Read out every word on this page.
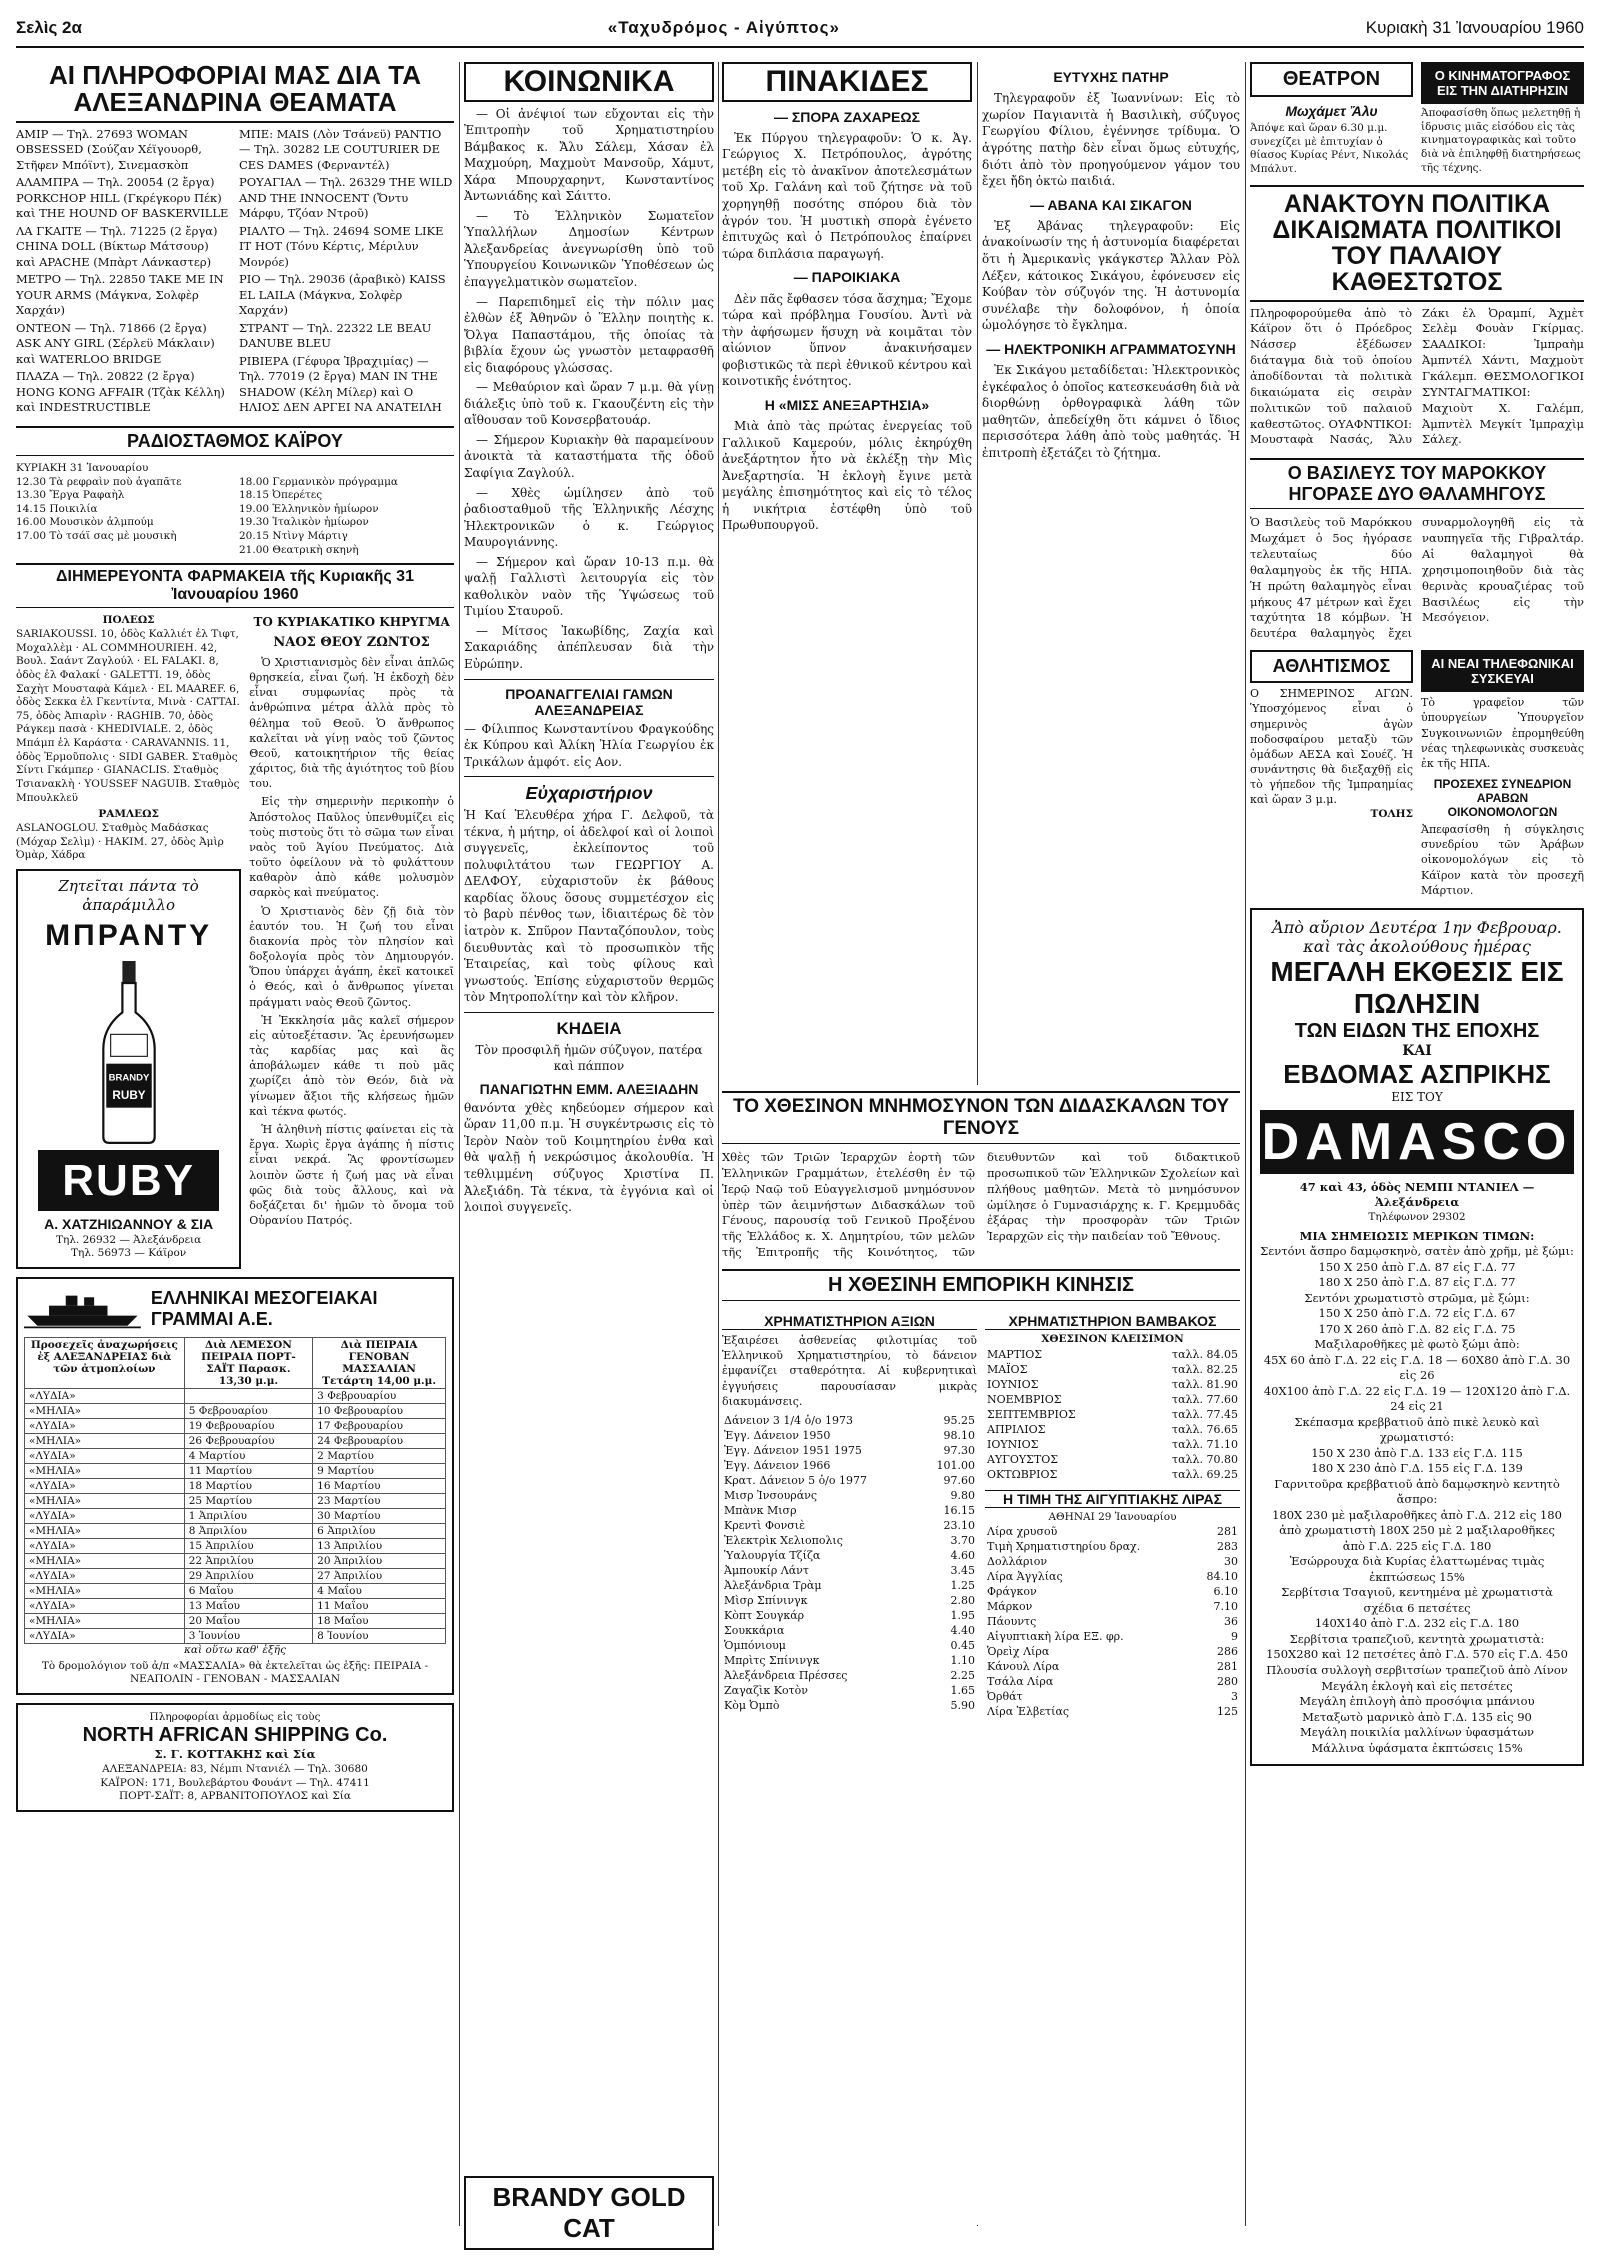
Σελὶς 2α	«Ταχυδρόμος - Αἰγύπτος»	Κυριακὴ 31 Ἰανουαρίου 1960
ΑΙ ΠΛΗΡΟΦΟΡΙΑΙ ΜΑΣ ΔΙΑ ΤΑ ΑΛΕΞΑΝΔΡΙΝΑ ΘΕΑΜΑΤΑ
ΑΜΙΡ — Τηλ. 27693 WOMAN OBSESSED (Σούζαν Χέϊγουορθ, Στῆφεν Μπόϊντ), Σινεμασκὸπ
ΑΛΑΜΠΡΑ — Τηλ. 20054 (2 ἔργα) PORKCHOP HILL (Γκρέγκορυ Πέκ) καὶ THE HOUND OF BASKERVILLE
ΛΑ ΓΚΑΙΤΕ — Τηλ. 71225 (2 ἔργα) CHINA DOLL (Βίκτωρ Μάτσουρ) καὶ APACHE (Μπὰρτ Λάνκαστερ)
ΜΕΤΡΟ — Τηλ. 22850 TAKE ME IN YOUR ARMS (Μάγκνα, Σολφὲρ Χαρχάν)
ΟΝΤΕΟΝ — Τηλ. 71866 (2 ἔργα) ASK ANY GIRL (Σέρλεϋ Μάκλαιν) καὶ WATERLOO BRIDGE
ΠΛΑΖΑ — Τηλ. 20822 (2 ἔργα) HONG KONG AFFAIR (Τζὰκ Κέλλη) καὶ INDESTRUCTIBLE
ΜΠΕ: MAIS (Λὸν Τσάνεϋ) PANTIO — Τηλ. 30282 LE COUTURIER DE CES DAMES (Φερναντέλ)
ΡΟΥΑΓΙΑΛ — Τηλ. 26329 THE WILD AND THE INNOCENT (Ὄντυ Μάρφυ, Τζόαν Ντροῦ)
ΡΙΑΛΤΟ — Τηλ. 24694 SOME LIKE IT HOT (Τόνυ Κέρτις, Μέριλυν Μονρόε)
ΡΙΟ — Τηλ. 29036 (ἀραβικὸ) KAISS EL LAILA (Μάγκνα, Σολφὲρ Χαρχάν)
ΣΤΡΑΝΤ — Τηλ. 22322 LE BEAU DANUBE BLEU
ΡΙΒΙΕΡΑ (Γέφυρα Ἰβραχιμίας) — Τηλ. 77019 (2 ἔργα) MAN IN THE SHADOW (Κέλη Μίλερ) καὶ Ο ΗΛΙΟΣ ΔΕΝ ΑΡΓΕΙ ΝΑ ΑΝΑΤΕΙΛΗ
ΡΑΔΙΟΣΤΑΘΜΟΣ ΚΑΪΡΟΥ
ΚΥΡΙΑΚΗ 31 Ἰανουαρίου
12.30 Τὰ ρεφραὶν ποὺ ἀγαπᾶτε
13.30 Ἔργα Ραφαὴλ
14.15 Ποικιλία
16.00 Μουσικὸν ἀλμπούμ
17.00 Τὸ τσάϊ σας μὲ μουσικὴ
18.00 Γερμανικὸν πρόγραμμα
18.15 Ὀπερέτες
19.00 Ἑλληνικὸν ἡμίωρον
19.30 Ἰταλικὸν ἡμίωρον
20.15 Ντὶνγ Μάρτιγ
21.00 Θεατρικὴ σκηνὴ
ΔΙΗΜΕΡΕΥΟΝΤΑ ΦΑΡΜΑΚΕΙΑ τῆς Κυριακῆς 31 Ἰανουαρίου 1960
ΠΟΛΕΩΣ
SARIAKOUSSI. 10, ὁδὸς Καλλιέτ ἐλ Τιφτ, Μοχαλλὲμ · AL COMMHOURIEH. 42, Βουλ. Σαάντ Ζαγλούλ · EL FALAKI. 8, ὁδὸς ἐλ Φαλακί · GALETTI. 19, ὁδὸς Σαχὴτ Μουσταφὰ Κάμελ · EL MAAREF. 6, ὁδὸς Σεκκα ἐλ Γκεντίντα, Μινὰ · CATTAI. 75, ὁδὸς Ἀπιαρὶν · RAGHIB. 70, ὁδὸς Ράγκεμ πασὰ · KHEDIVIALE. 2, ὁδὸς Μπάμπ ἐλ Καράστα · CARAVANNIS. 11, ὁδὸς Ἐρμοῦπολις · SIDI GABER. Σταθμὸς Σίντι Γκάμπερ · GIANACLIS. Σταθμὸς Τσιανακλὴ · YOUSSEF NAGUIB. Σταθμὸς Μπουλκλεϋ
ΡΑΜΛΕΩΣ
ASLANOGLOU. Σταθμὸς Μαδάσκας (Μόχαρ Σελὶμ) · HAKIM. 27, ὁδὸς Ἀμὶρ Ὀμὰρ, Χάδρα
Ζητεῖται πάντα τὸ ἀπαράμιλλο
ΜΠΡΑΝΤΥ
BRANDY
RUBY
RUBY
Α. ΧΑΤΖΗΙΩΑΝΝΟΥ & ΣΙΑ
Τηλ. 26932 — Ἀλεξάνδρεια
Τηλ. 56973 — Κάϊρον
ΤΟ ΚΥΡΙΑΚΑΤΙΚΟ ΚΗΡΥΓΜΑ
ΝΑΟΣ ΘΕΟΥ ΖΩΝΤΟΣ

Ὁ Χριστιανισμὸς δὲν εἶναι ἀπλῶς θρησκεία, εἶναι ζωή. Ἡ ἐκδοχὴ δὲν εἶναι συμφωνίας πρὸς τὰ ἀνθρώπινα μέτρα ἀλλὰ πρὸς τὸ θέλημα τοῦ Θεοῦ. Ὁ ἄνθρωπος καλεῖται νὰ γίνῃ ναὸς τοῦ ζῶντος Θεοῦ, κατοικητήριον τῆς θείας χάριτος, διὰ τῆς ἁγιότητος τοῦ βίου του.

Εἰς τὴν σημερινὴν περικοπὴν ὁ Ἀπόστολος Παῦλος ὑπενθυμίζει εἰς τοὺς πιστοὺς ὅτι τὸ σῶμα των εἶναι ναὸς τοῦ Ἁγίου Πνεύματος. Διὰ τοῦτο ὀφείλουν νὰ τὸ φυλάττουν καθαρὸν ἀπὸ κάθε μολυσμὸν σαρκὸς καὶ πνεύματος.

Ὁ Χριστιανὸς δὲν ζῇ διὰ τὸν ἑαυτόν του. Ἡ ζωή του εἶναι διακονία πρὸς τὸν πλησίον καὶ δοξολογία πρὸς τὸν Δημιουργόν. Ὅπου ὑπάρχει ἀγάπη, ἐκεῖ κατοικεῖ ὁ Θεός, καὶ ὁ ἄνθρωπος γίνεται πράγματι ναὸς Θεοῦ ζῶντος.

Ἡ Ἐκκλησία μᾶς καλεῖ σήμερον εἰς αὐτοεξέτασιν. Ἂς ἐρευνήσωμεν τὰς καρδίας μας καὶ ἂς ἀποβάλωμεν κάθε τι ποὺ μᾶς χωρίζει ἀπὸ τὸν Θεόν, διὰ νὰ γίνωμεν ἄξιοι τῆς κλήσεως ἡμῶν καὶ τέκνα φωτός.

Ἡ ἀληθινὴ πίστις φαίνεται εἰς τὰ ἔργα. Χωρὶς ἔργα ἀγάπης ἡ πίστις εἶναι νεκρά. Ἂς φροντίσωμεν λοιπὸν ὥστε ἡ ζωή μας νὰ εἶναι φῶς διὰ τοὺς ἄλλους, καὶ νὰ δοξάζεται δι' ἡμῶν τὸ ὄνομα τοῦ Οὐρανίου Πατρός.

ΕΛΛΗΝΙΚΑΙ ΜΕΣΟΓΕΙΑΚΑΙ ΓΡΑΜΜΑΙ Α.Ε.
Προσεχεῖς ἀναχωρήσεις ἐξ ΑΛΕΞΑΝΔΡΕΙΑΣ διὰ τῶν ἀτμοπλοίων	Διὰ ΛΕΜΕΣΟΝ ΠΕΙΡΑΙΑ ΠΟΡΤ-ΣΑΪΤ Παρασκ. 13,30 μ.μ.	Διὰ ΠΕΙΡΑΙΑ ΓΕΝΟΒΑΝ ΜΑΣΣΑΛΙΑΝ Τετάρτη 14,00 μ.μ.
«ΛΥΔΙΑ»		3 Φεβρουαρίου
«ΜΗΛΙΑ»	5 Φεβρουαρίου	10 Φεβρουαρίου
«ΛΥΔΙΑ»	19 Φεβρουαρίου	17 Φεβρουαρίου
«ΜΗΛΙΑ»	26 Φεβρουαρίου	24 Φεβρουαρίου
«ΛΥΔΙΑ»	4 Μαρτίου	2 Μαρτίου
«ΜΗΛΙΑ»	11 Μαρτίου	9 Μαρτίου
«ΛΥΔΙΑ»	18 Μαρτίου	16 Μαρτίου
«ΜΗΛΙΑ»	25 Μαρτίου	23 Μαρτίου
«ΛΥΔΙΑ»	1 Ἀπριλίου	30 Μαρτίου
«ΜΗΛΙΑ»	8 Ἀπριλίου	6 Ἀπριλίου
«ΛΥΔΙΑ»	15 Ἀπριλίου	13 Ἀπριλίου
«ΜΗΛΙΑ»	22 Ἀπριλίου	20 Ἀπριλίου
«ΛΥΔΙΑ»	29 Ἀπριλίου	27 Ἀπριλίου
«ΜΗΛΙΑ»	6 Μαΐου	4 Μαΐου
«ΛΥΔΙΑ»	13 Μαΐου	11 Μαΐου
«ΜΗΛΙΑ»	20 Μαΐου	18 Μαΐου
«ΛΥΔΙΑ»	3 Ἰουνίου	8 Ἰουνίου
καὶ οὕτω καθ' ἑξῆς
Τὸ δρομολόγιον τοῦ ἀ/π «ΜΑΣΣΑΛΙΑ» θὰ ἐκτελεῖται ὡς ἑξῆς: ΠΕΙΡΑΙΑ - ΝΕΑΠΟΛΙΝ - ΓΕΝΟΒΑΝ - ΜΑΣΣΑΛΙΑΝ
Πληροφορίαι ἀρμοδίως εἰς τοὺς
NORTH AFRICAN SHIPPING Co.
Σ. Γ. ΚΟΤΤΑΚΗΣ καὶ Σία
ΑΛΕΞΑΝΔΡΕΙΑ: 83, Νέμπι Ντανιέλ — Τηλ. 30680
ΚΑΪΡΟΝ: 171, Βουλεβάρτου Φουάντ — Τηλ. 47411
ΠΟΡΤ-ΣΑΪΤ: 8, ΑΡΒΑΝΙΤΟΠΟΥΛΟΣ καὶ Σία
ΚΟΙΝΩΝΙΚΑ

— Οἱ ἀνέψιοί των εὔχονται εἰς τὴν Ἐπιτροπὴν τοῦ Χρηματιστηρίου Βάμβακος κ. Ἄλυ Σάλεμ, Χάσαν ἐλ Μαχμούρη, Μαχμοὺτ Μανσοῦρ, Χάμυτ, Χάρα Μπουρχαρηντ, Κωνσταντίνος Ἀντωνιάδης καὶ Σάιττο.

— Τὸ Ἑλληνικὸν Σωματεῖον Ὑπαλλήλων Δημοσίων Κέντρων Ἀλεξανδρείας ἀνεγνωρίσθη ὑπὸ τοῦ Ὑπουργείου Κοινωνικῶν Ὑποθέσεων ὡς ἐπαγγελματικὸν σωματεῖον.

— Παρεπιδημεῖ εἰς τὴν πόλιν μας ἐλθὼν ἐξ Ἀθηνῶν ὁ Ἕλλην ποιητὴς κ. Ὄλγα Παπαστάμου, τῆς ὁποίας τὰ βιβλία ἔχουν ὡς γνωστὸν μεταφρασθῆ εἰς διαφόρους γλώσσας.

— Μεθαύριον καὶ ὥραν 7 μ.μ. θὰ γίνῃ διάλεξις ὑπὸ τοῦ κ. Γκαουζέντη εἰς τὴν αἴθουσαν τοῦ Κονσερβατουάρ.

— Σήμερον Κυριακὴν θὰ παραμείνουν ἀνοικτὰ τὰ καταστήματα τῆς ὁδοῦ Σαφίγια Ζαγλούλ.

— Χθὲς ὡμίλησεν ἀπὸ τοῦ ῥαδιοσταθμοῦ τῆς Ἑλληνικῆς Λέσχης Ἠλεκτρονικῶν ὁ κ. Γεώργιος Μαυρογιάννης.

— Σήμερον καὶ ὥραν 10-13 π.μ. θὰ ψαλῇ Γαλλιστὶ λειτουργία εἰς τὸν καθολικὸν ναὸν τῆς Ὑψώσεως τοῦ Τιμίου Σταυροῦ.

— Μίτσος Ἰακωβίδης, Ζαχία καὶ Σακαριάδης ἀπέπλευσαν διὰ τὴν Εὐρώπην.

ΠΡΟΑΝΑΓΓΕΛΙΑΙ ΓΑΜΩΝ ΑΛΕΞΑΝΔΡΕΙΑΣ
— Φίλιππος Κωνσταντίνου Φραγκούδης ἐκ Κύπρου καὶ Ἀλίκη Ἠλία Γεωργίου ἐκ Τρικάλων ἀμφότ. εἰς Αον.
Εὐχαριστήριον
Ἡ Καί Ἑλευθέρα χήρα Γ. Δελφοῦ, τὰ τέκνα, ἡ μήτηρ, οἱ ἀδελφοί καὶ οἱ λοιποὶ συγγενεῖς, ἐκλείποντος τοῦ πολυφιλτάτου των ΓΕΩΡΓΙΟΥ Α. ΔΕΛΦΟΥ, εὐχαριστοῦν ἐκ βάθους καρδίας ὅλους ὅσους συμμετέσχον εἰς τὸ βαρὺ πένθος των, ἰδιαιτέρως δὲ τὸν ἰατρὸν κ. Σπῦρον Πανταζόπουλον, τοὺς διευθυντὰς καὶ τὸ προσωπικὸν τῆς Ἑταιρείας, καὶ τοὺς φίλους καὶ γνωστούς. Ἐπίσης εὐχαριστοῦν θερμῶς τὸν Μητροπολίτην καὶ τὸν κλῆρον.
ΚΗΔΕΙΑ
Τὸν προσφιλῆ ἡμῶν σύζυγον, πατέρα καὶ πάππον
ΠΑΝΑΓΙΩΤΗΝ ΕΜΜ. ΑΛΕΞΙΑΔΗΝ
θανόντα χθὲς κηδεύομεν σήμερον καὶ ὥραν 11,00 π.μ. Ἡ συγκέντρωσις εἰς τὸ Ἱερὸν Ναὸν τοῦ Κοιμητηρίου ἐνθα καὶ θὰ ψαλῇ ἡ νεκρώσιμος ἀκολουθία. Ἡ τεθλιμμένη σύζυγος Χριστίνα Π. Ἀλεξιάδη. Τὰ τέκνα, τὰ ἐγγόνια καὶ οἱ λοιποὶ συγγενεῖς.
ΠΙΝΑΚΙΔΕΣ
— ΣΠΟΡΑ ΖΑΧΑΡΕΩΣ

Ἐκ Πύργου τηλεγραφοῦν: Ὁ κ. Ἀγ. Γεώργιος Χ. Πετρόπουλος, ἀγρότης μετέβη εἰς τὸ ἀνακῖνον ἀποτελεσμάτων τοῦ Χρ. Γαλάνη καὶ τοῦ ζήτησε νὰ τοῦ χορηγηθῇ ποσότης σπόρου διὰ τὸν ἀγρόν του. Ἡ μυστικὴ σπορὰ ἐγένετο ἐπιτυχῶς καὶ ὁ Πετρόπουλος ἐπαίρνει τώρα διπλάσια παραγωγή.

— ΠΑΡΟΙΚΙΑΚΑ

Δὲν πᾶς ἔφθασεν τόσα ἄσχημα; Ἔχομε τώρα καὶ πρόβλημα Γουσίου. Ἀντὶ νὰ τὴν ἀφήσωμεν ἥσυχη νὰ κοιμᾶται τὸν αἰώνιον ὕπνον ἀνακινήσαμεν φοβιστικῶς τὰ περὶ ἐθνικοῦ κέντρου καὶ κοινοτικῆς ἑνότητος.

Η «ΜΙΣΣ ΑΝΕΞΑΡΤΗΣΙΑ»

Μιὰ ἀπὸ τὰς πρώτας ἐνεργείας τοῦ Γαλλικοῦ Καμερούν, μόλις ἐκηρύχθη ἀνεξάρτητον ἦτο νὰ ἐκλέξῃ τὴν Μὶς Ἀνεξαρτησία. Ἡ ἐκλογὴ ἔγινε μετὰ μεγάλης ἐπισημότητος καὶ εἰς τὸ τέλος ἡ νικήτρια ἐστέφθη ὑπὸ τοῦ Πρωθυπουργοῦ.

ΕΥΤΥΧΗΣ ΠΑΤΗΡ

Τηλεγραφοῦν ἐξ Ἰωαννίνων: Εἰς τὸ χωρίον Παγιανιτὰ ἡ Βασιλικὴ, σύζυγος Γεωργίου Φίλιου, ἐγέννησε τρίδυμα. Ὁ ἀγρότης πατὴρ δὲν εἶναι ὅμως εὐτυχής, διότι ἀπὸ τὸν προηγούμενον γάμον του ἔχει ἤδη ὀκτὼ παιδιά.

— ΑΒΑΝΑ ΚΑΙ ΣΙΚΑΓΟΝ

Ἐξ Ἀβάνας τηλεγραφοῦν: Εἰς ἀνακοίνωσίν της ἡ ἀστυνομία διαφέρεται ὅτι ἡ Ἀμερικανὶς γκάγκστερ Ἄλλαν Ρὸλ Λέξεν, κάτοικος Σικάγου, ἐφόνευσεν εἰς Κούβαν τὸν σύζυγόν της. Ἡ ἀστυνομία συνέλαβε τὴν δολοφόνον, ἡ ὁποία ὡμολόγησε τὸ ἔγκλημα.

— ΗΛΕΚΤΡΟΝΙΚΗ ΑΓΡΑΜΜΑΤΟΣΥΝΗ

Ἐκ Σικάγου μεταδίδεται: Ἠλεκτρονικὸς ἐγκέφαλος ὁ ὁποῖος κατεσκευάσθη διὰ νὰ διορθώνῃ ὀρθογραφικὰ λάθη τῶν μαθητῶν, ἀπεδείχθη ὅτι κάμνει ὁ ἴδιος περισσότερα λάθη ἀπὸ τοὺς μαθητάς. Ἡ ἐπιτροπὴ ἐξετάζει τὸ ζήτημα.

ΤΟ ΧΘΕΣΙΝΟΝ ΜΝΗΜΟΣΥΝΟΝ ΤΩΝ ΔΙΔΑΣΚΑΛΩΝ ΤΟΥ ΓΕΝΟΥΣ
Χθὲς τῶν Τριῶν Ἱεραρχῶν ἑορτὴ τῶν Ἑλληνικῶν Γραμμάτων, ἐτελέσθη ἐν τῷ Ἱερῷ Ναῷ τοῦ Εὐαγγελισμοῦ μνημόσυνον ὑπὲρ τῶν ἀειμνήστων Διδασκάλων τοῦ Γένους, παρουσίᾳ τοῦ Γενικοῦ Προξένου τῆς Ἑλλάδος κ. Χ. Δημητρίου, τῶν μελῶν τῆς Ἐπιτροπῆς τῆς Κοινότητος, τῶν διευθυντῶν καὶ τοῦ διδακτικοῦ προσωπικοῦ τῶν Ἑλληνικῶν Σχολείων καὶ πλήθους μαθητῶν. Μετὰ τὸ μνημόσυνον ὡμίλησε ὁ Γυμνασιάρχης κ. Γ. Κρεμμυδᾶς ἐξάρας τὴν προσφορὰν τῶν Τριῶν Ἱεραρχῶν εἰς τὴν παιδείαν τοῦ Ἔθνους.
Η ΧΘΕΣΙΝΗ ΕΜΠΟΡΙΚΗ ΚΙΝΗΣΙΣ
ΧΡΗΜΑΤΙΣΤΗΡΙΟΝ ΑΞΙΩΝ
Ἐξαιρέσει ἀσθενείας φιλοτιμίας τοῦ Ἑλληνικοῦ Χρηματιστηρίου, τὸ δάνειον ἐμφανίζει σταθερότητα. Αἱ κυβερνητικαὶ ἐγγυήσεις παρουσίασαν μικρὰς διακυμάνσεις.
Δάνειον 3 1/4 ὁ/ο 1973	95.25
Ἐγγ. Δάνειον 1950	98.10
Ἐγγ. Δάνειον 1951 1975	97.30
Ἐγγ. Δάνειον 1966	101.00
Κρατ. Δάνειον 5 ὁ/ο 1977	97.60
Μισρ Ἰνσουράνς	9.80
Μπὰνκ Μισρ	16.15
Κρεντὶ Φονσιὲ	23.10
Ἐλεκτρὶκ Χελιοπολις	3.70
Ὑαλουργία Τζίζα	4.60
Ἀμπουκίρ Λάντ	3.45
Ἀλεξάνδρια Τρὰμ	1.25
Μὶσρ Σπίνινγκ	2.80
Κὸπτ Σουγκάρ	1.95
Σουκκάρια	4.40
Ὁμπόνιουμ	0.45
Μπρὶτς Σπίνινγκ	1.10
Ἀλεξάνδρεια Πρέσσες	2.25
Ζαγαζὶκ Κοτὸν	1.65
Κὸμ Ὀμπὸ	5.90
ΧΡΗΜΑΤΙΣΤΗΡΙΟΝ ΒΑΜΒΑΚΟΣ
ΧΘΕΣΙΝΟΝ ΚΛΕΙΣΙΜΟΝ
ΜΑΡΤΙΟΣ	ταλλ. 84.05
ΜΑΪΟΣ	ταλλ. 82.25
ΙΟΥΝΙΟΣ	ταλλ. 81.90
ΝΟΕΜΒΡΙΟΣ	ταλλ. 77.60
ΣΕΠΤΕΜΒΡΙΟΣ	ταλλ. 77.45
ΑΠΡΙΛΙΟΣ	ταλλ. 76.65
ΙΟΥΝΙΟΣ	ταλλ. 71.10
ΑΥΓΟΥΣΤΟΣ	ταλλ. 70.80
ΟΚΤΩΒΡΙΟΣ	ταλλ. 69.25
Η ΤΙΜΗ ΤΗΣ ΑΙΓΥΠΤΙΑΚΗΣ ΛΙΡΑΣ
ΑΘΗΝΑΙ 29 Ἰανουαρίου
Λίρα χρυσοῦ	281
Τιμὴ Χρηματιστηρίου δραχ.	283
Δολλάριον	30
Λίρα Ἀγγλίας	84.10
Φράγκον	6.10
Μάρκον	7.10
Πάουντς	36
Αἰγυπτιακὴ λίρα ΕΞ. φρ.	9
Ὁρεὶχ Λίρα	286
Κάνουλ Λίρα	281
Τσάλα Λίρα	280
Ὀρθάτ	3
Λίρα Ἐλβετίας	125
BRANDY GOLD CAT
ΘΕΑΤΡΟΝ
Μωχάμετ Ἄλυ
Ἀπόψε καὶ ὥραν 6.30 μ.μ. συνεχίζει μὲ ἐπιτυχίαν ὁ θίασος Κυρίας Ρέντ, Νικολάς Μπάλυτ.
Ο ΚΙΝΗΜΑΤΟΓΡΑΦΟΣ ΕΙΣ ΤΗΝ ΔΙΑΤΗΡΗΣΙΝ
Ἀποφασίσθη ὅπως μελετηθῇ ἡ ἱδρυσις μιᾶς εἰσόδου εἰς τὰς κινηματογραφικὰς καὶ τοῦτο διὰ νὰ ἐπιληφθῇ διατηρήσεως τῆς τέχνης.
ΑΝΑΚΤΟΥΝ ΠΟΛΙΤΙΚΑ ΔΙΚΑΙΩΜΑΤΑ ΠΟΛΙΤΙΚΟΙ ΤΟΥ ΠΑΛΑΙΟΥ ΚΑΘΕΣΤΩΤΟΣ
Πληροφορούμεθα ἀπὸ τὸ Κάϊρον ὅτι ὁ Πρόεδρος Νάσσερ ἐξέδωσεν διάταγμα διὰ τοῦ ὁποίου ἀποδίδονται τὰ πολιτικὰ δικαιώματα εἰς σειρὰν πολιτικῶν τοῦ παλαιοῦ καθεστῶτος. ΟΥΑΦΝΤΙΚΟΙ: Μουσταφὰ Νασάς, Ἄλυ Ζάκι ἐλ Ὀραμπί, Ἀχμὲτ Σελὲμ Φουὰν Γκίρμας. ΣΑΑΔΙΚΟΙ: Ἰμπραὴμ Ἀμπντέλ Χάντι, Μαχμοὺτ Γκάλεμπ. ΘΕΣΜΟΛΟΓΙΚΟΙ ΣΥΝΤΑΓΜΑΤΙΚΟΙ: Μαχιοὺτ Χ. Γαλέμπ, Ἀμπντὲλ Μεγκίτ Ἰμπραχὶμ Σάλεχ.
Ο ΒΑΣΙΛΕΥΣ ΤΟΥ ΜΑΡΟΚΚΟΥ ΗΓΟΡΑΣΕ ΔΥΟ ΘΑΛΑΜΗΓΟΥΣ
Ὁ Βασιλεὺς τοῦ Μαρόκκου Μωχάμετ ὁ 5ος ἠγόρασε τελευταίως δύο θαλαμηγοὺς ἐκ τῆς ΗΠΑ. Ἡ πρώτη θαλαμηγὸς εἶναι μήκους 47 μέτρων καὶ ἔχει ταχύτητα 18 κόμβων. Ἡ δευτέρα θαλαμηγὸς ἔχει συναρμολογηθῆ εἰς τὰ ναυπηγεῖα τῆς Γιβραλτάρ. Αἱ θαλαμηγοὶ θὰ χρησιμοποιηθοῦν διὰ τὰς θερινὰς κρουαζιέρας τοῦ Βασιλέως εἰς τὴν Μεσόγειον.
ΑΘΛΗΤΙΣΜΟΣ
Ο ΣΗΜΕΡΙΝΟΣ ΑΓΩΝ. Ὑποσχόμενος εἶναι ὁ σημερινὸς ἀγὼν ποδοσφαίρου μεταξὺ τῶν ὁμάδων ΑΕΣΑ καὶ Σουέζ. Ἡ συνάντησις θὰ διεξαχθῇ εἰς τὸ γήπεδον τῆς Ἰμπραημίας καὶ ὥραν 3 μ.μ.
ΤΟΛΗΣ
ΑΙ ΝΕΑΙ ΤΗΛΕΦΩΝΙΚΑΙ ΣΥΣΚΕΥΑΙ
Τὸ γραφεῖον τῶν ὑπουργείων Ὑπουργεῖον Συγκοινωνιῶν ἐπρομηθεύθη νέας τηλεφωνικὰς συσκευὰς ἐκ τῆς ΗΠΑ.
ΠΡΟΣΕΧΕΣ ΣΥΝΕΔΡΙΟΝ ΑΡΑΒΩΝ ΟΙΚΟΝΟΜΟΛΟΓΩΝ
Ἀπεφασίσθη ἡ σύγκλησις συνεδρίου τῶν Ἀράβων οἰκονομολόγων εἰς τὸ Κάϊρον κατὰ τὸν προσεχῆ Μάρτιον.
Ἀπὸ αὔριον Δευτέρα 1ην Φεβρουαρ. καὶ τὰς ἀκολούθους ἡμέρας
ΜΕΓΑΛΗ ΕΚΘΕΣΙΣ ΕΙΣ ΠΩΛΗΣΙΝ
ΤΩΝ ΕΙΔΩΝ ΤΗΣ ΕΠΟΧΗΣ
ΚΑΙ
ΕΒΔΟΜΑΣ ΑΣΠΡΙΚΗΣ
ΕΙΣ ΤΟΥ
DAMASCO
47 καὶ 43, ὁδὸς ΝΕΜΠΙ ΝΤΑΝΙΕΛ — Ἀλεξάνδρεια
Τηλέφωνον 29302
ΜΙΑ ΣΗΜΕΙΩΣΙΣ ΜΕΡΙΚΩΝ ΤΙΜΩΝ:
Σεντόνι ἄσπρο δαμῳσκηνὸ, σατὲν ἀπὸ χρῆμ, μὲ ξώμι:
150 Χ 250 ἀπὸ Γ.Δ. 87 εἰς Γ.Δ. 77
180 Χ 250 ἀπὸ Γ.Δ. 87 εἰς Γ.Δ. 77
Σεντόνι χρωματιστὸ στρῶμα, μὲ ξώμι:
150 Χ 250 ἀπὸ Γ.Δ. 72 εἰς Γ.Δ. 67
170 Χ 260 ἀπὸ Γ.Δ. 82 εἰς Γ.Δ. 75
Μαξιλαροθῆκες μὲ φωτὸ ξώμι ἀπὸ:
45Χ 60 ἀπὸ Γ.Δ. 22 εἰς Γ.Δ. 18 — 60Χ80 ἀπὸ Γ.Δ. 30 εἰς 26
40Χ100 ἀπὸ Γ.Δ. 22 εἰς Γ.Δ. 19 — 120Χ120 ἀπὸ Γ.Δ. 24 εἰς 21
Σκέπασμα κρεββατιοῦ ἀπὸ πικὲ λευκὸ καὶ χρωματιστό:
150 Χ 230 ἀπὸ Γ.Δ. 133 εἰς Γ.Δ. 115
180 Χ 230 ἀπὸ Γ.Δ. 155 εἰς Γ.Δ. 139
Γαρνιτοῦρα κρεββατιοῦ ἀπὸ δαμῳσκηνὸ κεντητὸ ἄσπρο:
180Χ 230 μὲ μαξιλαροθῆκες ἀπὸ Γ.Δ. 212 εἰς 180
ἀπὸ χρωματιστὴ 180Χ 250 μὲ 2 μαξιλαροθῆκες
ἀπὸ Γ.Δ. 225 εἰς Γ.Δ. 180
Ἐσώρρουχα διὰ Κυρίας ἐλαττωμένας τιμὰς ἐκπτώσεως 15%
Σερβίτσια Τσαγιοῦ, κεντημένα μὲ χρωματιστὰ σχέδια 6 πετσέτες
140Χ140 ἀπὸ Γ.Δ. 232 εἰς Γ.Δ. 180
Σερβίτσια τραπεζιοῦ, κεντητὰ χρωματιστὰ:
150Χ280 καὶ 12 πετσέτες ἀπὸ Γ.Δ. 570 εἰς Γ.Δ. 450
Πλουσία συλλογὴ σερβιτσίων τραπεζιοῦ ἀπὸ Λίνον
Μεγάλη ἐκλογὴ καὶ εἰς πετσέτες
Μεγάλη ἐπιλογὴ ἀπὸ προσόψια μπάνιου
Μεταξωτὸ μαρνικὸ ἀπὸ Γ.Δ. 135 εἰς 90
Μεγάλη ποικιλία μαλλίνων ὑφασμάτων
Μάλλινα ὑφάσματα ἐκπτώσεις 15%
